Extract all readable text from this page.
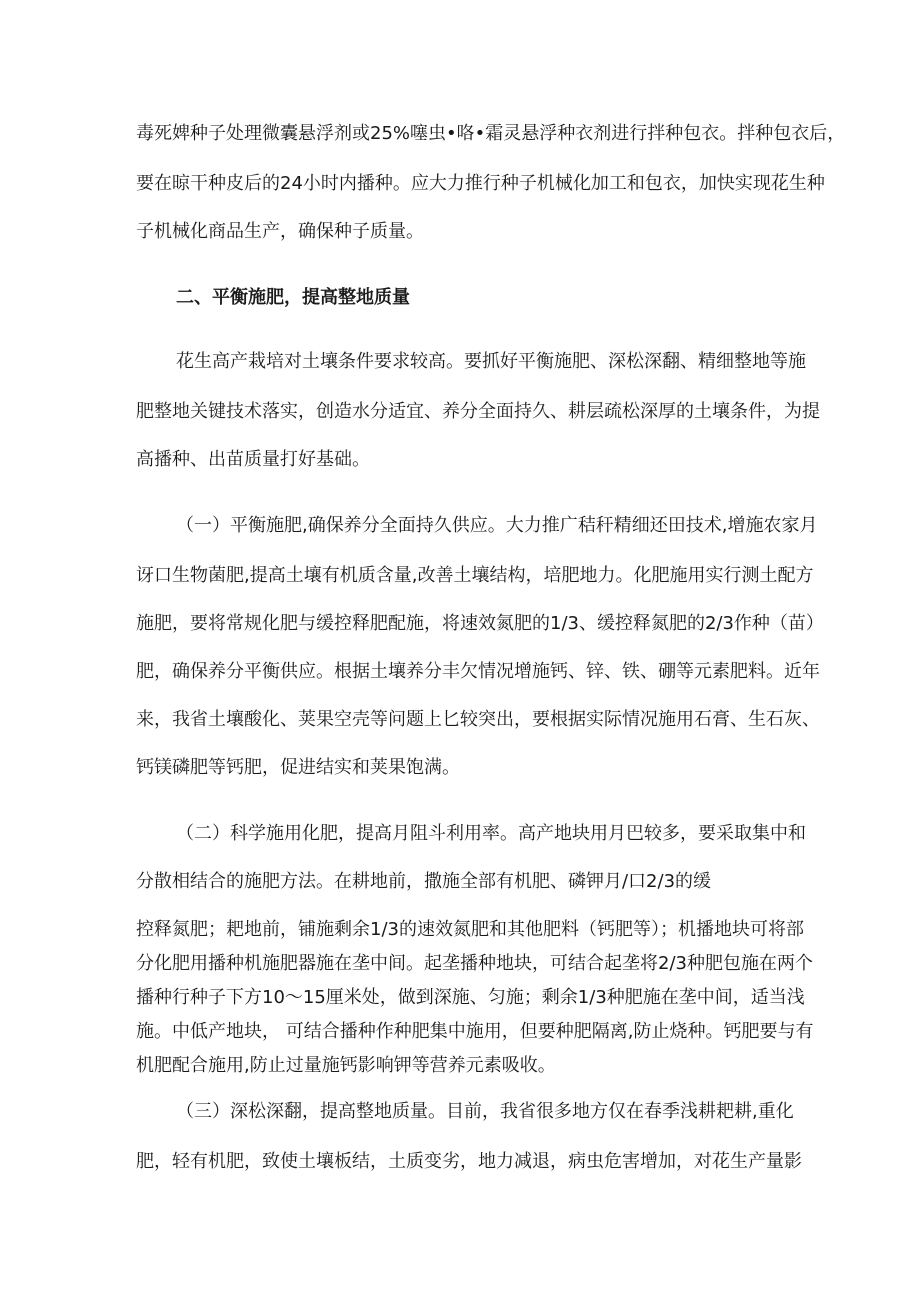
毒死婢种子处理微囊悬浮剂或25%噻虫•咯•霜灵悬浮种衣剂进行拌种包衣。拌种包衣后，
要在晾干种皮后的24小时内播种。应大力推行种子机械化加工和包衣，加快实现花生种
子机械化商品生产，确保种子质量。
二、平衡施肥，提高整地质量
花生高产栽培对土壤条件要求较高。要抓好平衡施肥、深松深翻、精细整地等施
肥整地关键技术落实，创造水分适宜、养分全面持久、耕层疏松深厚的土壤条件，为提
高播种、出苗质量打好基础。
（一）平衡施肥,确保养分全面持久供应。大力推广秸秆精细还田技术,增施农家月
讶口生物菌肥,提高土壤有机质含量,改善土壤结构，培肥地力。化肥施用实行测土配方
施肥，要将常规化肥与缓控释肥配施，将速效氮肥的1/3、缓控释氮肥的2/3作种（苗）
肥，确保养分平衡供应。根据土壤养分丰欠情况增施钙、锌、铁、硼等元素肥料。近年
来，我省土壤酸化、荚果空壳等问题上匕较突出，要根据实际情况施用石膏、生石灰、
钙镁磷肥等钙肥，促进结实和荚果饱满。
（二）科学施用化肥，提高月阻斗利用率。高产地块用月巴较多，要采取集中和
分散相结合的施肥方法。在耕地前，撒施全部有机肥、磷钾月/口2/3的缓
控释氮肥；耙地前，铺施剩余1/3的速效氮肥和其他肥料（钙肥等）；机播地块可将部
分化肥用播种机施肥器施在垄中间。起垄播种地块，可结合起垄将2/3种肥包施在两个
播种行种子下方10〜15厘米处，做到深施、匀施；剩余1/3种肥施在垄中间，适当浅
施。中低产地块， 可结合播种作种肥集中施用，但要种肥隔离,防止烧种。钙肥要与有
机肥配合施用,防止过量施钙影响钾等营养元素吸收。
（三）深松深翻，提高整地质量。目前，我省很多地方仅在春季浅耕耙耕,重化
肥，轻有机肥，致使土壤板结，土质变劣，地力减退，病虫危害增加，对花生产量影
